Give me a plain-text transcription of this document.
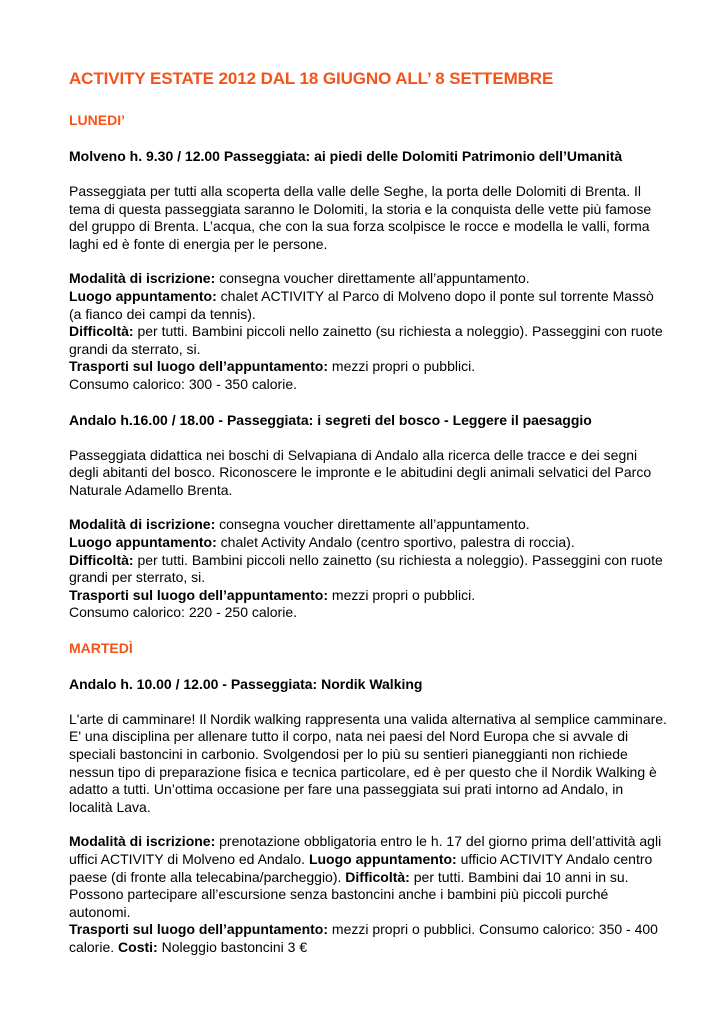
ACTIVITY ESTATE 2012 DAL 18 GIUGNO ALL’ 8 SETTEMBRE
LUNEDI’
Molveno h. 9.30 / 12.00 Passeggiata: ai piedi delle Dolomiti Patrimonio dell’Umanità
Passeggiata per tutti alla scoperta della valle delle Seghe, la porta delle Dolomiti di Brenta. Il tema di questa passeggiata saranno le Dolomiti, la storia e la conquista delle vette più famose del gruppo di Brenta. L’acqua, che con la sua forza scolpisce le rocce e modella le valli, forma laghi ed è fonte di energia per le persone.
Modalità di iscrizione: consegna voucher direttamente all’appuntamento.
Luogo appuntamento: chalet ACTIVITY al Parco di Molveno dopo il ponte sul torrente Massò (a fianco dei campi da tennis).
Difficoltà: per tutti. Bambini piccoli nello zainetto (su richiesta a noleggio). Passeggini con ruote grandi da sterrato, si.
Trasporti sul luogo dell’appuntamento: mezzi propri o pubblici.
Consumo calorico: 300 - 350 calorie.
Andalo h.16.00 / 18.00 - Passeggiata: i segreti del bosco - Leggere il paesaggio
Passeggiata didattica nei boschi di Selvapiana di Andalo alla ricerca delle tracce e dei segni degli abitanti del bosco. Riconoscere le impronte e le abitudini degli animali selvatici del Parco Naturale Adamello Brenta.
Modalità di iscrizione: consegna voucher direttamente all’appuntamento.
Luogo appuntamento: chalet Activity Andalo (centro sportivo, palestra di roccia).
Difficoltà: per tutti. Bambini piccoli nello zainetto (su richiesta a noleggio). Passeggini con ruote grandi per sterrato, si.
Trasporti sul luogo dell’appuntamento: mezzi propri o pubblici.
Consumo calorico: 220 - 250 calorie.
MARTEDÌ
Andalo h. 10.00 / 12.00 - Passeggiata: Nordik Walking
L'arte di camminare! Il Nordik walking rappresenta una valida alternativa al semplice camminare. E' una disciplina per allenare tutto il corpo, nata nei paesi del Nord Europa che si avvale di speciali bastoncini in carbonio. Svolgendosi per lo più su sentieri pianeggianti non richiede nessun tipo di preparazione fisica e tecnica particolare, ed è per questo che il Nordik Walking è adatto a tutti. Un’ottima occasione per fare una passeggiata sui prati intorno ad Andalo, in località Lava.
Modalità di iscrizione: prenotazione obbligatoria entro le h. 17 del giorno prima dell’attività agli uffici ACTIVITY di Molveno ed Andalo. Luogo appuntamento: ufficio ACTIVITY Andalo centro paese (di fronte alla telecabina/parcheggio). Difficoltà: per tutti. Bambini dai 10 anni in su. Possono partecipare all’escursione senza bastoncini anche i bambini più piccoli purché autonomi.
Trasporti sul luogo dell’appuntamento: mezzi propri o pubblici. Consumo calorico: 350 - 400 calorie. Costi: Noleggio bastoncini 3 €
